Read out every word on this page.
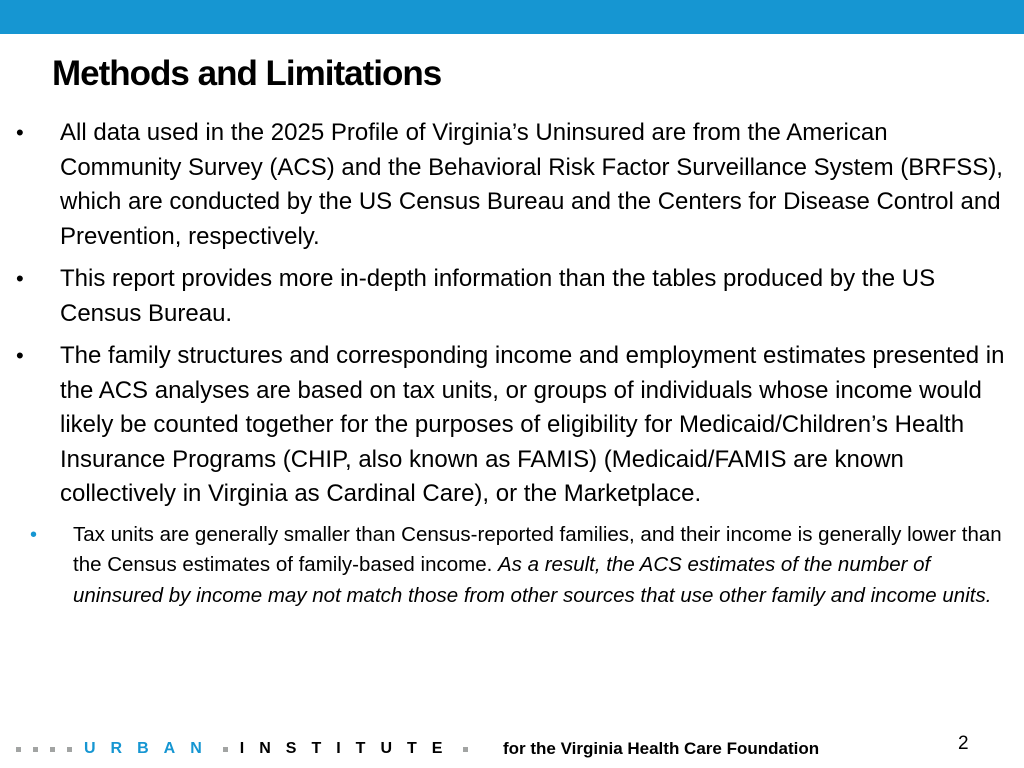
Methods and Limitations
• All data used in the 2025 Profile of Virginia’s Uninsured are from the American Community Survey (ACS) and the Behavioral Risk Factor Surveillance System (BRFSS), which are conducted by the US Census Bureau and the Centers for Disease Control and Prevention, respectively.
• This report provides more in-depth information than the tables produced by the US Census Bureau.
• The family structures and corresponding income and employment estimates presented in the ACS analyses are based on tax units, or groups of individuals whose income would likely be counted together for the purposes of eligibility for Medicaid/Children’s Health Insurance Programs (CHIP, also known as FAMIS) (Medicaid/FAMIS are known collectively in Virginia as Cardinal Care), or the Marketplace.
• Tax units are generally smaller than Census-reported families, and their income is generally lower than the Census estimates of family-based income. As a result, the ACS estimates of the number of uninsured by income may not match those from other sources that use other family and income units.
URBAN INSTITUTE	for the Virginia Health Care Foundation	2
